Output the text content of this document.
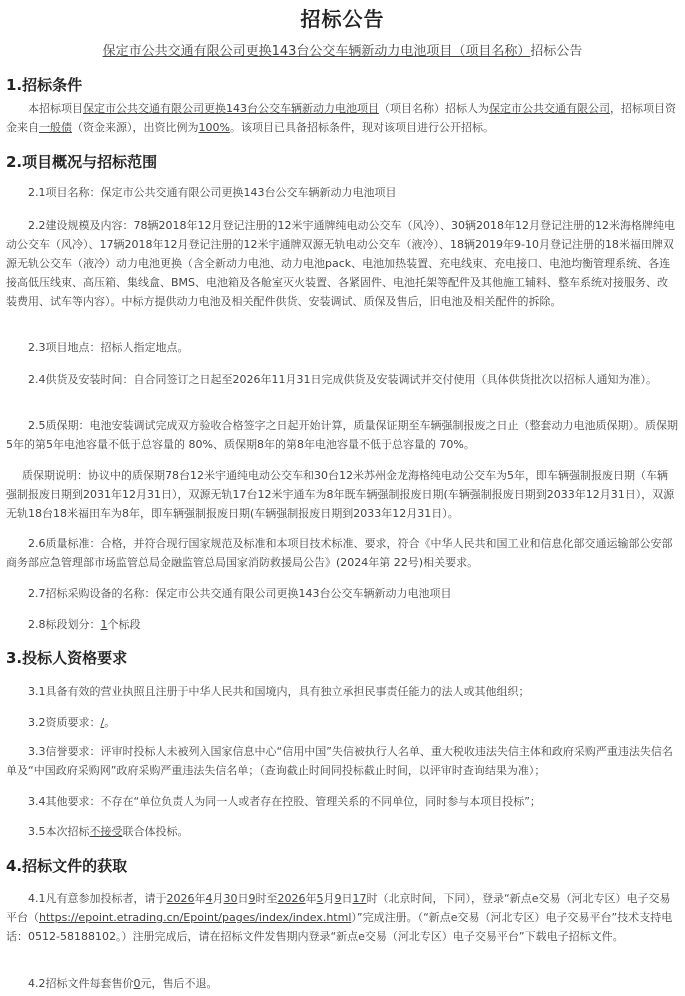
招标公告
保定市公共交通有限公司更换143台公交车辆新动力电池项目（项目名称）招标公告
1.招标条件

本招标项目保定市公共交通有限公司更换143台公交车辆新动力电池项目（项目名称）招标人为保定市公共交通有限公司，招标项目资金来自一般债（资金来源），出资比例为100%。该项目已具备招标条件，现对该项目进行公开招标。

2.项目概况与招标范围

2.1项目名称：保定市公共交通有限公司更换143台公交车辆新动力电池项目

2.2建设规模及内容：78辆2018年12月登记注册的12米宇通牌纯电动公交车（风冷）、30辆2018年12月登记注册的12米海格牌纯电动公交车（风冷）、17辆2018年12月登记注册的12米宇通牌双源无轨电动公交车（液冷）、18辆2019年9-10月登记注册的18米福田牌双源无轨公交车（液冷）动力电池更换（含全新动力电池、动力电池pack、电池加热装置、充电线束、充电接口、电池均衡管理系统、各连接高低压线束、高压箱、集线盒、BMS、电池箱及各舱室灭火装置、各紧固件、电池托架等配件及其他施工辅料、整车系统对接服务、改装费用、试车等内容）。中标方提供动力电池及相关配件供货、安装调试、质保及售后，旧电池及相关配件的拆除。

2.3项目地点：招标人指定地点。

2.4供货及安装时间：自合同签订之日起至2026年11月31日完成供货及安装调试并交付使用（具体供货批次以招标人通知为准）。

2.5质保期：电池安装调试完成双方验收合格签字之日起开始计算，质量保证期至车辆强制报废之日止（整套动力电池质保期）。质保期5年的第5年电池容量不低于总容量的 80%、质保期8年的第8年电池容量不低于总容量的 70%。

质保期说明：协议中的质保期78台12米宇通纯电动公交车和30台12米苏州金龙海格纯电动公交车为5年，即车辆强制报废日期（车辆强制报废日期到2031年12月31日），双源无轨17台12米宇通车为8年既车辆强制报废日期(车辆强制报废日期到2033年12月31日），双源无轨18台18米福田车为8年，即车辆强制报废日期(车辆强制报废日期到2033年12月31日）。

2.6质量标准：合格，并符合现行国家规范及标准和本项目技术标准、要求，符合《中华人民共和国工业和信息化部交通运输部公安部商务部应急管理部市场监管总局金融监管总局国家消防救援局公告》(2024年第 22号)相关要求。

2.7招标采购设备的名称：保定市公共交通有限公司更换143台公交车辆新动力电池项目

2.8标段划分：1个标段

3.投标人资格要求

3.1具备有效的营业执照且注册于中华人民共和国境内，具有独立承担民事责任能力的法人或其他组织；

3.2资质要求：/。

3.3信誉要求：评审时投标人未被列入国家信息中心“信用中国”失信被执行人名单、重大税收违法失信主体和政府采购严重违法失信名单及“中国政府采购网”政府采购严重违法失信名单；（查询截止时间同投标截止时间，以评审时查询结果为准）；

3.4其他要求：不存在“单位负责人为同一人或者存在控股、管理关系的不同单位，同时参与本项目投标”；

3.5本次招标不接受联合体投标。

4.招标文件的获取

4.1凡有意参加投标者，请于2026年4月30日9时至2026年5月9日17时（北京时间，下同），登录“新点e交易（河北专区）电子交易平台（https://epoint.etrading.cn/Epoint/pages/index/index.html）”完成注册。（“新点e交易（河北专区）电子交易平台”技术支持电话：0512-58188102。）注册完成后，请在招标文件发售期内登录“新点e交易（河北专区）电子交易平台”下载电子招标文件。

4.2招标文件每套售价0元，售后不退。
